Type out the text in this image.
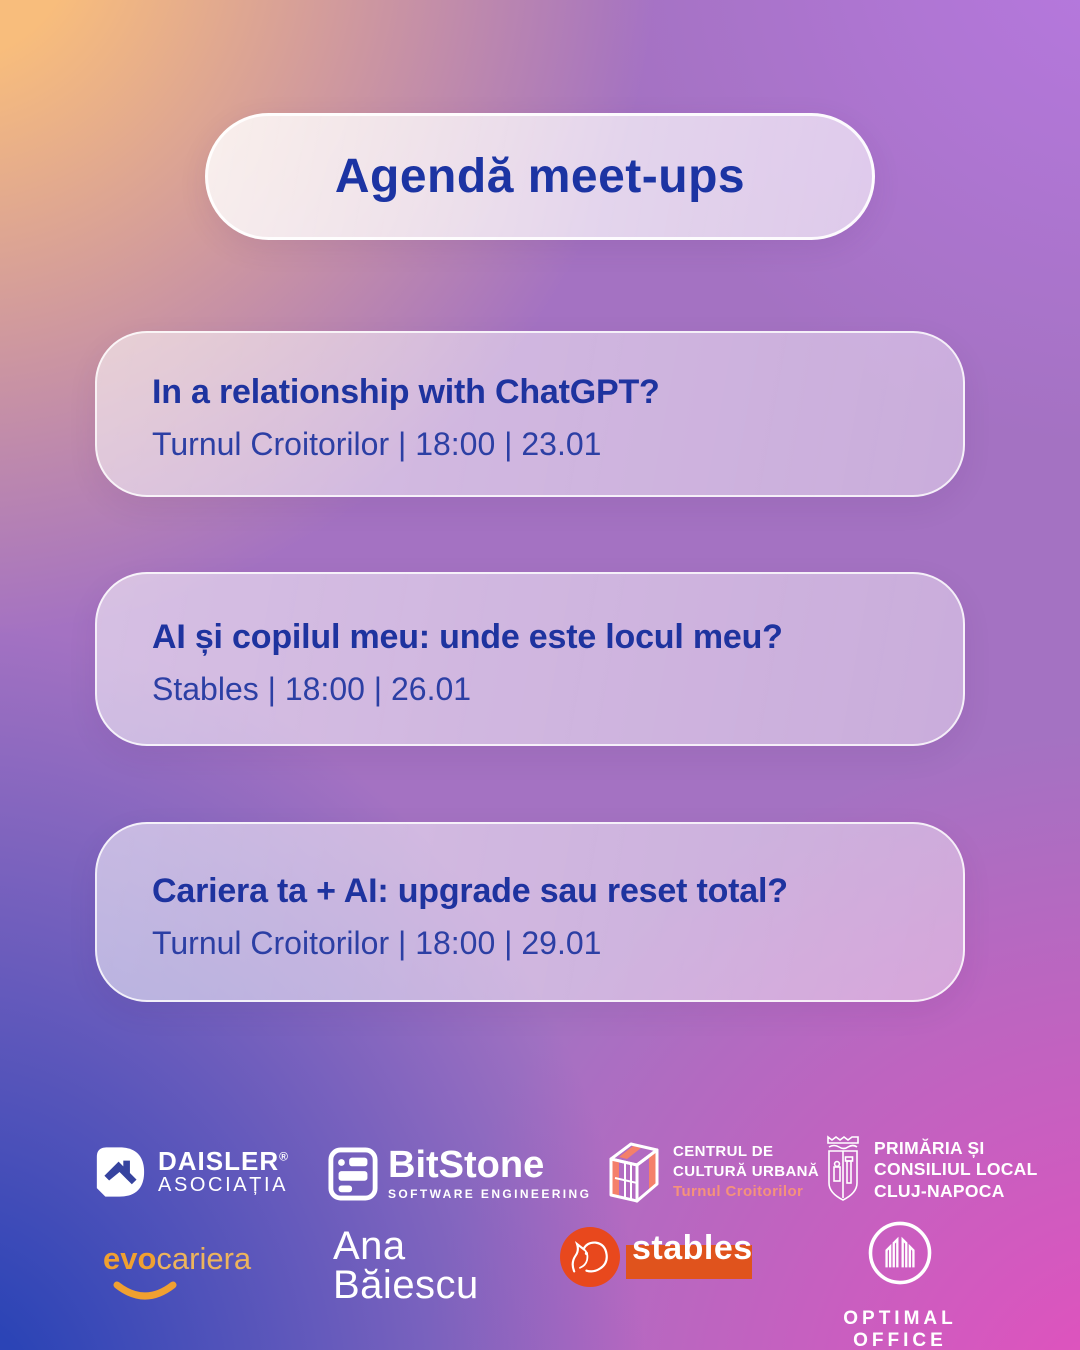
Agendă meet-ups
In a relationship with ChatGPT?

Turnul Croitorilor | 18:00 | 23.01

AI și copilul meu: unde este locul meu?

Stables | 18:00 | 26.01

Cariera ta + AI: upgrade sau reset total?

Turnul Croitorilor | 18:00 | 29.01

DAISLER®
ASOCIAȚIA	BitStone
SOFTWARE ENGINEERING
CENTRUL DE
CULTURĂ URBANĂ
Turnul Croitorilor
PRIMĂRIA ȘI
CONSILIUL LOCAL
CLUJ-NAPOCA
evocariera Ana
Băiescu
stables
OPTIMAL OFFICE
